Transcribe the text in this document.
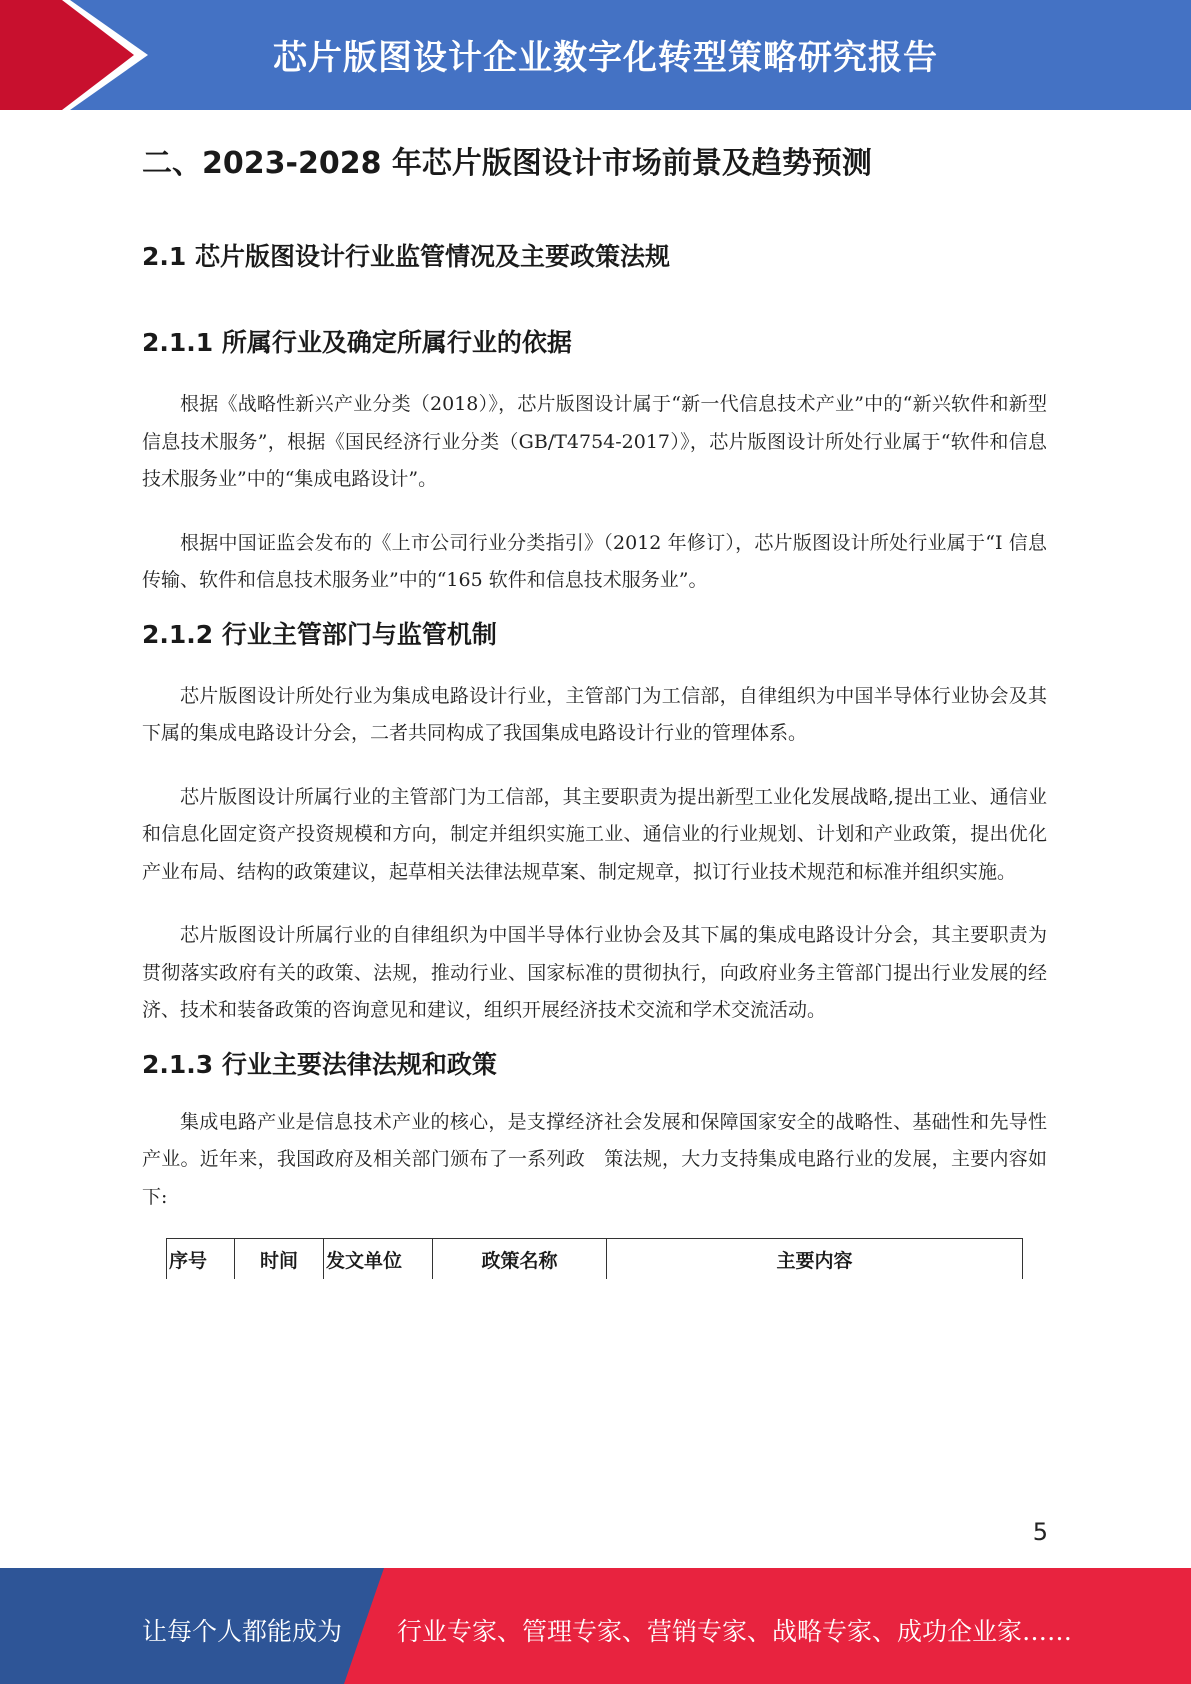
芯片版图设计企业数字化转型策略研究报告
二、2023-2028 年芯片版图设计市场前景及趋势预测
2.1 芯片版图设计行业监管情况及主要政策法规
2.1.1 所属行业及确定所属行业的依据

根据《战略性新兴产业分类（2018）》，芯片版图设计属于“新一代信息技术产业”中的“新兴软件和新型信息技术服务”，根据《国民经济行业分类（GB/T4754-2017）》，芯片版图设计所处行业属于“软件和信息技术服务业”中的“集成电路设计”。

根据中国证监会发布的《上市公司行业分类指引》（2012 年修订），芯片版图设计所处行业属于“I 信息传输、软件和信息技术服务业”中的“165 软件和信息技术服务业”。

2.1.2 行业主管部门与监管机制

芯片版图设计所处行业为集成电路设计行业，主管部门为工信部，自律组织为中国半导体行业协会及其下属的集成电路设计分会，二者共同构成了我国集成电路设计行业的管理体系。

芯片版图设计所属行业的主管部门为工信部，其主要职责为提出新型工业化发展战略,提出工业、通信业和信息化固定资产投资规模和方向，制定并组织实施工业、通信业的行业规划、计划和产业政策，提出优化产业布局、结构的政策建议，起草相关法律法规草案、制定规章，拟订行业技术规范和标准并组织实施。

芯片版图设计所属行业的自律组织为中国半导体行业协会及其下属的集成电路设计分会，其主要职责为贯彻落实政府有关的政策、法规，推动行业、国家标准的贯彻执行，向政府业务主管部门提出行业发展的经济、技术和装备政策的咨询意见和建议，组织开展经济技术交流和学术交流活动。

2.1.3 行业主要法律法规和政策

集成电路产业是信息技术产业的核心，是支撑经济社会发展和保障国家安全的战略性、基础性和先导性产业。近年来，我国政府及相关部门颁布了一系列政　策法规，大力支持集成电路行业的发展，主要内容如下:

序号	时间	发文单位	政策名称	主要内容
5
让每个人都能成为 行业专家、管理专家、营销专家、战略专家、成功企业家……
